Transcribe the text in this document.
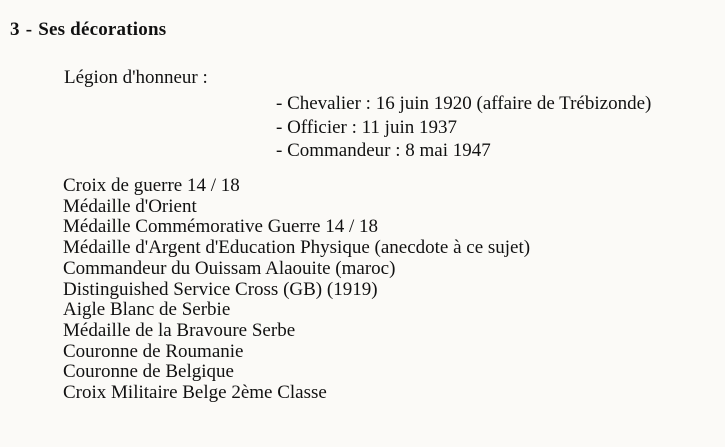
3 - Ses décorations

Légion d'honneur :

- Chevalier : 16 juin 1920 (affaire de Trébizonde)
- Officier : 11 juin 1937
- Commandeur : 8 mai 1947
Croix de guerre 14 / 18
Médaille d'Orient
Médaille Commémorative Guerre 14 / 18
Médaille d'Argent d'Education Physique (anecdote à ce sujet)
Commandeur du Ouissam Alaouite (maroc)
Distinguished Service Cross (GB) (1919)
Aigle Blanc de Serbie
Médaille de la Bravoure Serbe
Couronne de Roumanie
Couronne de Belgique
Croix Militaire Belge 2ème Classe
